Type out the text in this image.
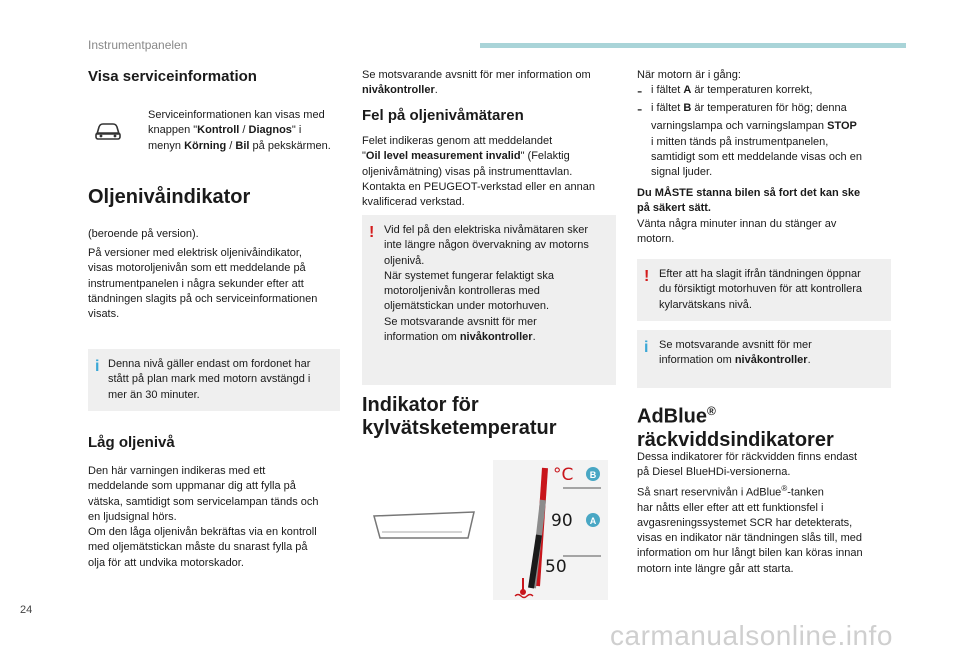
Instrumentpanelen
Visa serviceinformation

Serviceinformationen kan visas med

knappen "Kontroll / Diagnos" i

menyn Körning / Bil på pekskärmen.

Oljenivåindikator

(beroende på version).

På versioner med elektrisk oljenivåindikator,

visas motoroljenivån som ett meddelande på

instrumentpanelen i några sekunder efter att

tändningen slagits på och serviceinformationen

visats.

i Denna nivå gäller endast om fordonet har

stått på plan mark med motorn avstängd i

mer än 30 minuter.

Låg oljenivå

Den här varningen indikeras med ett

meddelande som uppmanar dig att fylla på

vätska, samtidigt som servicelampan tänds och

en ljudsignal hörs.

Om den låga oljenivån bekräftas via en kontroll

med oljemätstickan måste du snarast fylla på

olja för att undvika motorskador.

Se motsvarande avsnitt för mer information om

nivåkontroller.

Fel på oljenivåmätaren

Felet indikeras genom att meddelandet

"Oil level measurement invalid" (Felaktig

oljenivåmätning) visas på instrumenttavlan.

Kontakta en PEUGEOT-verkstad eller en annan

kvalificerad verkstad.

! Vid fel på den elektriska nivåmätaren sker

inte längre någon övervakning av motorns

oljenivå.

När systemet fungerar felaktigt ska

motoroljenivån kontrolleras med

oljemätstickan under motorhuven.

Se motsvarande avsnitt för mer

information om nivåkontroller.

Indikator för
kylvätsketemperatur
°C B
A
90
50

När motorn är i gång:

- i fältet A är temperaturen korrekt,

- i fältet B är temperaturen för hög; denna

varningslampa och varningslampan STOP

i mitten tänds på instrumentpanelen,

samtidigt som ett meddelande visas och en

signal ljuder.

Du MÅSTE stanna bilen så fort det kan ske

på säkert sätt.

Vänta några minuter innan du stänger av

motorn.

! Efter att ha slagit ifrån tändningen öppnar

du försiktigt motorhuven för att kontrollera

kylarvätskans nivå.

i Se motsvarande avsnitt för mer

information om nivåkontroller.

AdBlue®
räckviddsindikatorer

Dessa indikatorer för räckvidden finns endast

på Diesel BlueHDi-versionerna.

Så snart reservnivån i AdBlue®-tanken

har nåtts eller efter att ett funktionsfel i

avgasreningssystemet SCR har detekterats,

visas en indikator när tändningen slås till, med

information om hur långt bilen kan köras innan

motorn inte längre går att starta.

24
carmanualsonline.info
